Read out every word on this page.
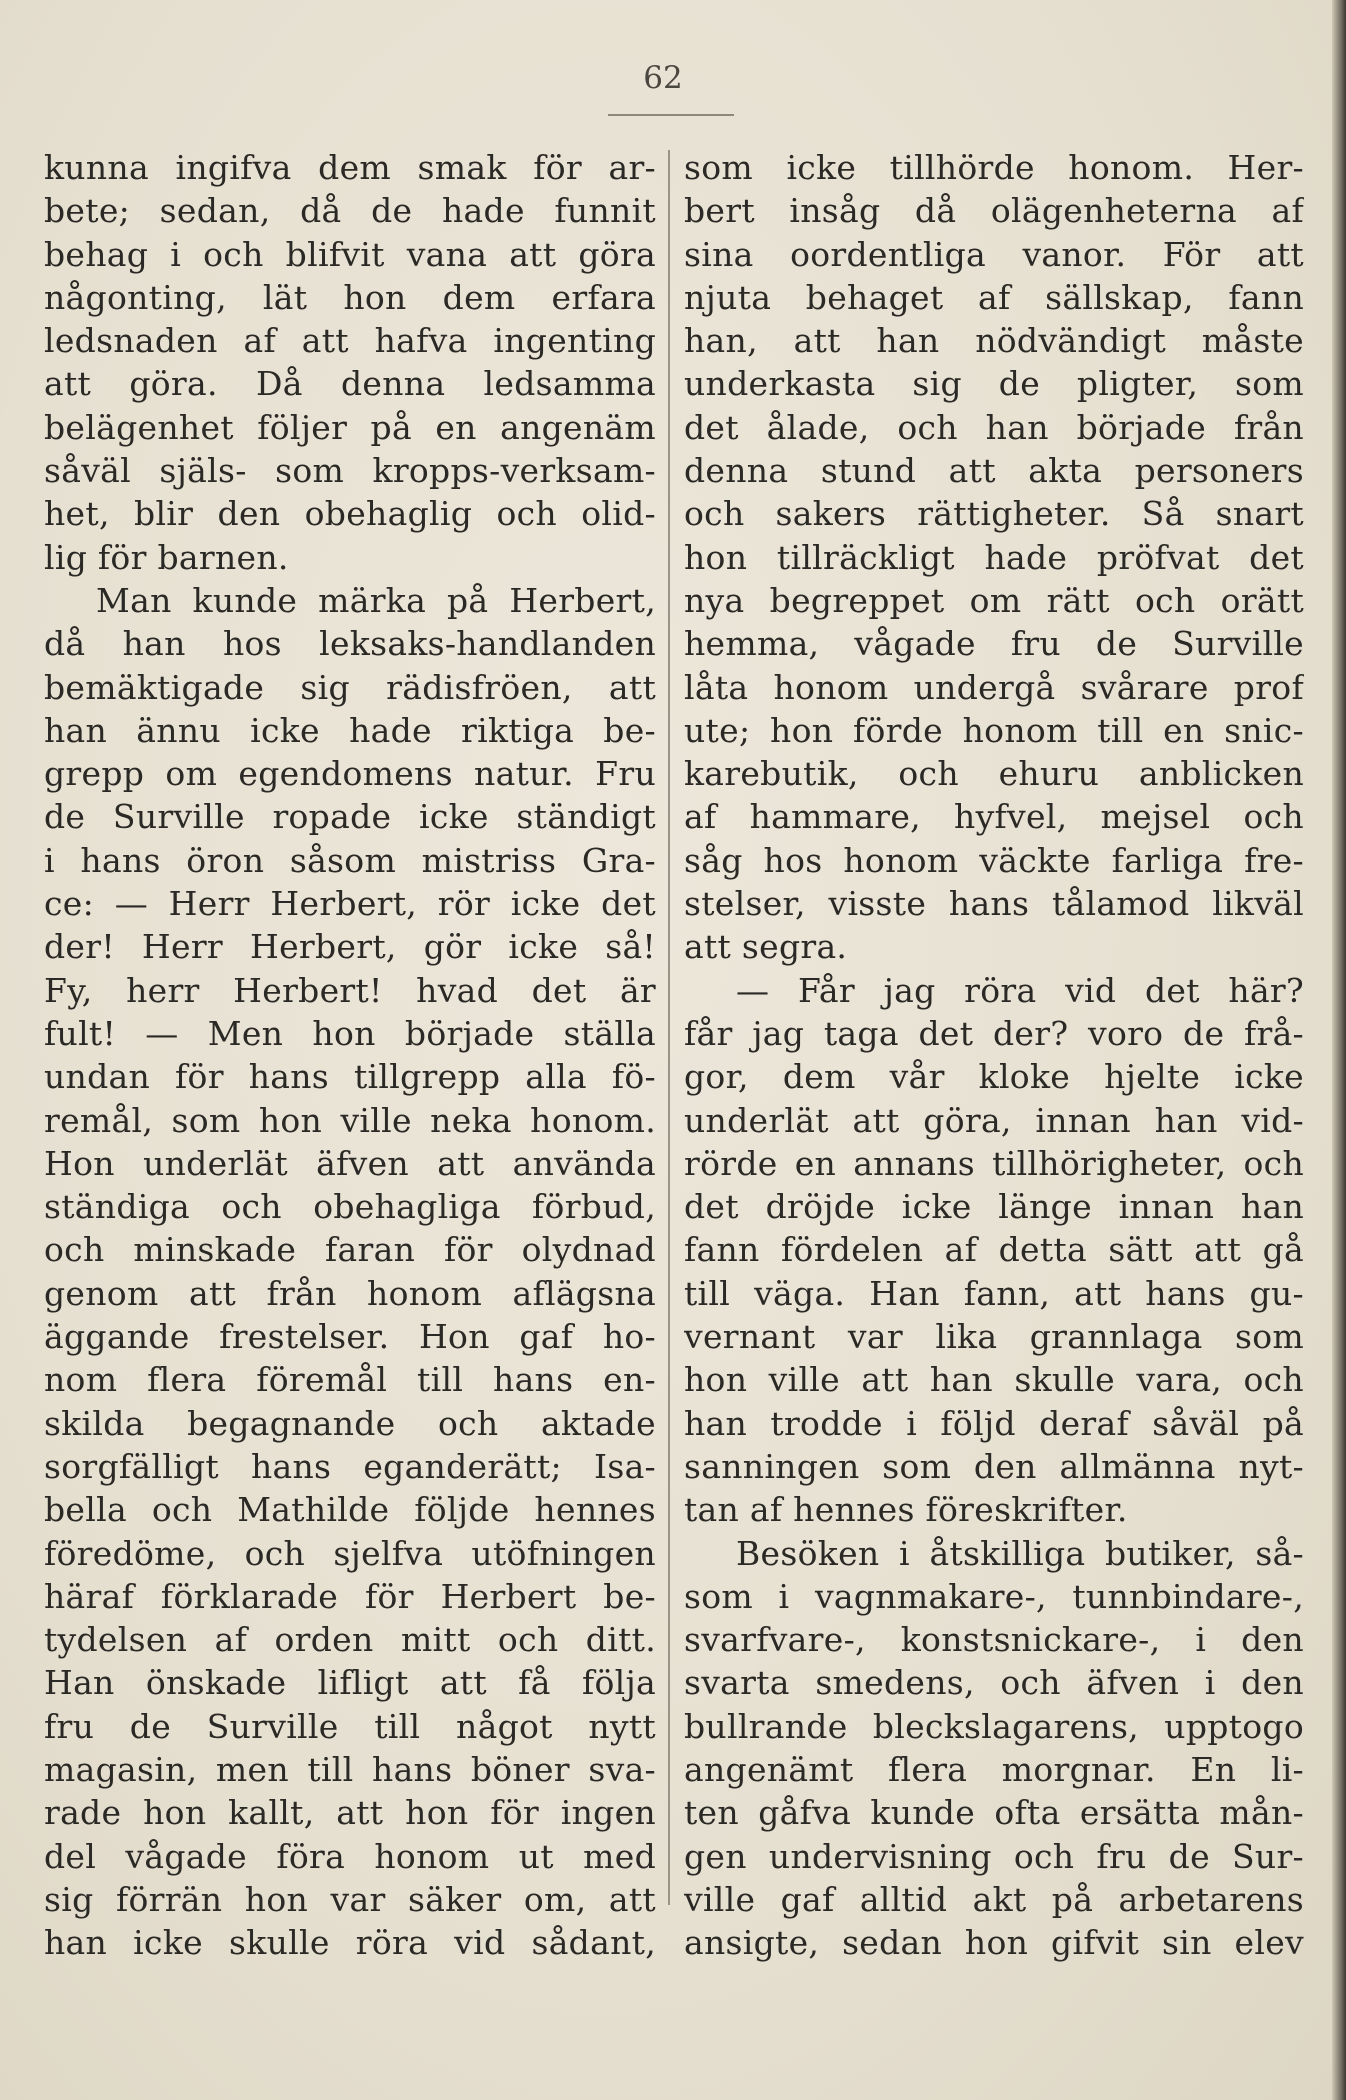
62
kunna ingifva dem smak för ar-
bete; sedan, då de hade funnit
behag i och blifvit vana att göra
någonting, lät hon dem erfara
ledsnaden af att hafva ingenting
att göra. Då denna ledsamma
belägenhet följer på en angenäm
såväl själs- som kropps-verksam-
het, blir den obehaglig och olid-
lig för barnen.
Man kunde märka på Herbert,
då han hos leksaks-handlanden
bemäktigade sig rädisfröen, att
han ännu icke hade riktiga be-
grepp om egendomens natur. Fru
de Surville ropade icke ständigt
i hans öron såsom mistriss Gra-
ce: — Herr Herbert, rör icke det
der! Herr Herbert, gör icke så!
Fy, herr Herbert! hvad det är
fult! — Men hon började ställa
undan för hans tillgrepp alla fö-
remål, som hon ville neka honom.
Hon underlät äfven att använda
ständiga och obehagliga förbud,
och minskade faran för olydnad
genom att från honom aflägsna
äggande frestelser. Hon gaf ho-
nom flera föremål till hans en-
skilda begagnande och aktade
sorgfälligt hans eganderätt; Isa-
bella och Mathilde följde hennes
föredöme, och sjelfva utöfningen
häraf förklarade för Herbert be-
tydelsen af orden mitt och ditt.
Han önskade lifligt att få följa
fru de Surville till något nytt
magasin, men till hans böner sva-
rade hon kallt, att hon för ingen
del vågade föra honom ut med
sig förrän hon var säker om, att
han icke skulle röra vid sådant,
som icke tillhörde honom. Her-
bert insåg då olägenheterna af
sina oordentliga vanor. För att
njuta behaget af sällskap, fann
han, att han nödvändigt måste
underkasta sig de pligter, som
det ålade, och han började från
denna stund att akta personers
och sakers rättigheter. Så snart
hon tillräckligt hade pröfvat det
nya begreppet om rätt och orätt
hemma, vågade fru de Surville
låta honom undergå svårare prof
ute; hon förde honom till en snic-
karebutik, och ehuru anblicken
af hammare, hyfvel, mejsel och
såg hos honom väckte farliga fre-
stelser, visste hans tålamod likväl
att segra.
— Får jag röra vid det här?
får jag taga det der? voro de frå-
gor, dem vår kloke hjelte icke
underlät att göra, innan han vid-
rörde en annans tillhörigheter, och
det dröjde icke länge innan han
fann fördelen af detta sätt att gå
till väga. Han fann, att hans gu-
vernant var lika grannlaga som
hon ville att han skulle vara, och
han trodde i följd deraf såväl på
sanningen som den allmänna nyt-
tan af hennes föreskrifter.
Besöken i åtskilliga butiker, så-
som i vagnmakare-, tunnbindare-,
svarfvare-, konstsnickare-, i den
svarta smedens, och äfven i den
bullrande bleckslagarens, upptogo
angenämt flera morgnar. En li-
ten gåfva kunde ofta ersätta mån-
gen undervisning och fru de Sur-
ville gaf alltid akt på arbetarens
ansigte, sedan hon gifvit sin elev
